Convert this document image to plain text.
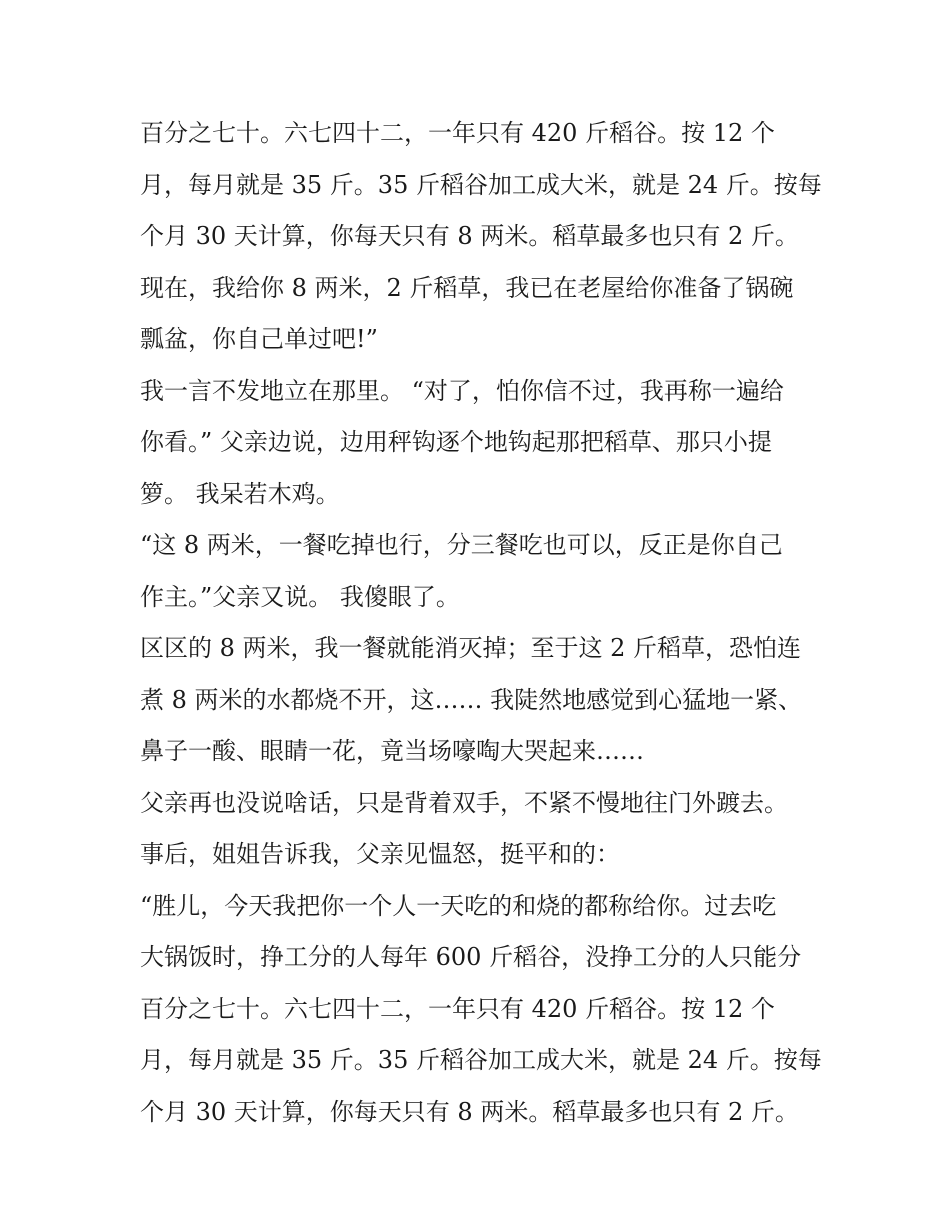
百分之七十。六七四十二，一年只有 420 斤稻谷。按 12 个
月，每月就是 35 斤。35 斤稻谷加工成大米，就是 24 斤。按每
个月 30 天计算，你每天只有 8 两米。稻草最多也只有 2 斤。
现在，我给你 8 两米，2 斤稻草，我已在老屋给你准备了锅碗
瓢盆，你自己单过吧!”
我一言不发地立在那里。 “对了，怕你信不过，我再称一遍给
你看。” 父亲边说，边用秤钩逐个地钩起那把稻草、那只小提
箩。 我呆若木鸡。
“这 8 两米，一餐吃掉也行，分三餐吃也可以，反正是你自己
作主。”父亲又说。 我傻眼了。
区区的 8 两米，我一餐就能消灭掉；至于这 2 斤稻草，恐怕连
煮 8 两米的水都烧不开，这…… 我陡然地感觉到心猛地一紧、
鼻子一酸、眼睛一花，竟当场嚎啕大哭起来……
父亲再也没说啥话，只是背着双手，不紧不慢地往门外踱去。
事后，姐姐告诉我，父亲见愠怒，挺平和的：
“胜儿，今天我把你一个人一天吃的和烧的都称给你。过去吃
大锅饭时，挣工分的人每年 600 斤稻谷，没挣工分的人只能分
百分之七十。六七四十二，一年只有 420 斤稻谷。按 12 个
月，每月就是 35 斤。35 斤稻谷加工成大米，就是 24 斤。按每
个月 30 天计算，你每天只有 8 两米。稻草最多也只有 2 斤。
